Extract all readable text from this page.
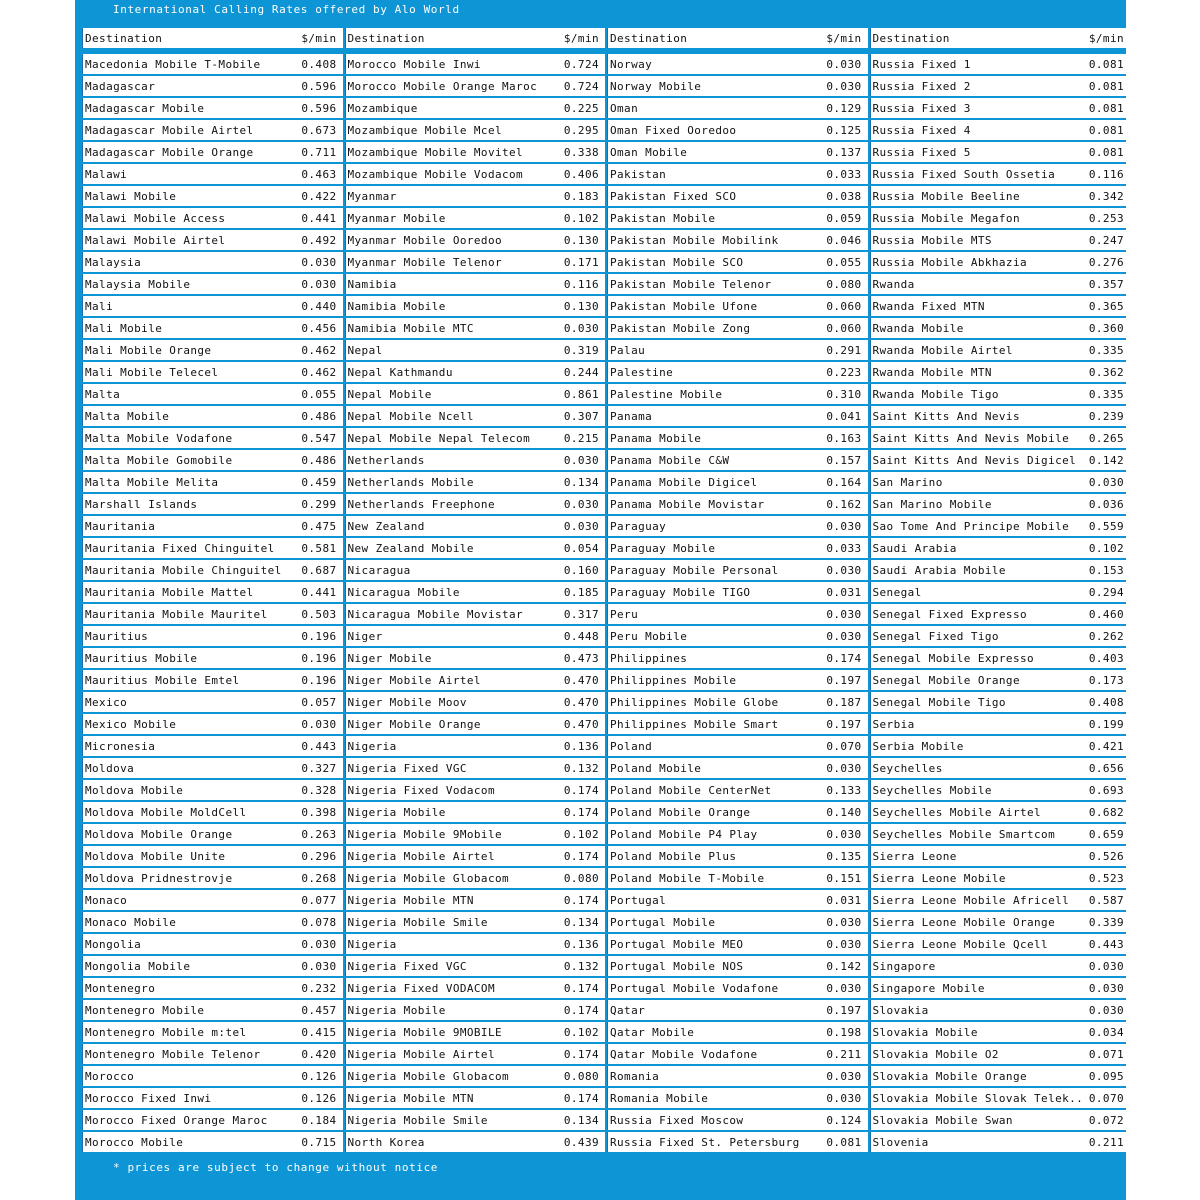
International Calling Rates offered by Alo World
Destination	$/min
Macedonia Mobile T-Mobile	0.408
Madagascar	0.596
Madagascar Mobile	0.596
Madagascar Mobile Airtel	0.673
Madagascar Mobile Orange	0.711
Malawi	0.463
Malawi Mobile	0.422
Malawi Mobile Access	0.441
Malawi Mobile Airtel	0.492
Malaysia	0.030
Malaysia Mobile	0.030
Mali	0.440
Mali Mobile	0.456
Mali Mobile Orange	0.462
Mali Mobile Telecel	0.462
Malta	0.055
Malta Mobile	0.486
Malta Mobile Vodafone	0.547
Malta Mobile Gomobile	0.486
Malta Mobile Melita	0.459
Marshall Islands	0.299
Mauritania	0.475
Mauritania Fixed Chinguitel	0.581
Mauritania Mobile Chinguitel	0.687
Mauritania Mobile Mattel	0.441
Mauritania Mobile Mauritel	0.503
Mauritius	0.196
Mauritius Mobile	0.196
Mauritius Mobile Emtel	0.196
Mexico	0.057
Mexico Mobile	0.030
Micronesia	0.443
Moldova	0.327
Moldova Mobile	0.328
Moldova Mobile MoldCell	0.398
Moldova Mobile Orange	0.263
Moldova Mobile Unite	0.296
Moldova Pridnestrovje	0.268
Monaco	0.077
Monaco Mobile	0.078
Mongolia	0.030
Mongolia Mobile	0.030
Montenegro	0.232
Montenegro Mobile	0.457
Montenegro Mobile m:tel	0.415
Montenegro Mobile Telenor	0.420
Morocco	0.126
Morocco Fixed Inwi	0.126
Morocco Fixed Orange Maroc	0.184
Morocco Mobile	0.715
Destination	$/min
Morocco Mobile Inwi	0.724
Morocco Mobile Orange Maroc	0.724
Mozambique	0.225
Mozambique Mobile Mcel	0.295
Mozambique Mobile Movitel	0.338
Mozambique Mobile Vodacom	0.406
Myanmar	0.183
Myanmar Mobile	0.102
Myanmar Mobile Ooredoo	0.130
Myanmar Mobile Telenor	0.171
Namibia	0.116
Namibia Mobile	0.130
Namibia Mobile MTC	0.030
Nepal	0.319
Nepal Kathmandu	0.244
Nepal Mobile	0.861
Nepal Mobile Ncell	0.307
Nepal Mobile Nepal Telecom	0.215
Netherlands	0.030
Netherlands Mobile	0.134
Netherlands Freephone	0.030
New Zealand	0.030
New Zealand Mobile	0.054
Nicaragua	0.160
Nicaragua Mobile	0.185
Nicaragua Mobile Movistar	0.317
Niger	0.448
Niger Mobile	0.473
Niger Mobile Airtel	0.470
Niger Mobile Moov	0.470
Niger Mobile Orange	0.470
Nigeria	0.136
Nigeria Fixed VGC	0.132
Nigeria Fixed Vodacom	0.174
Nigeria Mobile	0.174
Nigeria Mobile 9Mobile	0.102
Nigeria Mobile Airtel	0.174
Nigeria Mobile Globacom	0.080
Nigeria Mobile MTN	0.174
Nigeria Mobile Smile	0.134
Nigeria	0.136
Nigeria Fixed VGC	0.132
Nigeria Fixed VODACOM	0.174
Nigeria Mobile	0.174
Nigeria Mobile 9MOBILE	0.102
Nigeria Mobile Airtel	0.174
Nigeria Mobile Globacom	0.080
Nigeria Mobile MTN	0.174
Nigeria Mobile Smile	0.134
North Korea	0.439
Destination	$/min
Norway	0.030
Norway Mobile	0.030
Oman	0.129
Oman Fixed Ooredoo	0.125
Oman Mobile	0.137
Pakistan	0.033
Pakistan Fixed SCO	0.038
Pakistan Mobile	0.059
Pakistan Mobile Mobilink	0.046
Pakistan Mobile SCO	0.055
Pakistan Mobile Telenor	0.080
Pakistan Mobile Ufone	0.060
Pakistan Mobile Zong	0.060
Palau	0.291
Palestine	0.223
Palestine Mobile	0.310
Panama	0.041
Panama Mobile	0.163
Panama Mobile C&W	0.157
Panama Mobile Digicel	0.164
Panama Mobile Movistar	0.162
Paraguay	0.030
Paraguay Mobile	0.033
Paraguay Mobile Personal	0.030
Paraguay Mobile TIGO	0.031
Peru	0.030
Peru Mobile	0.030
Philippines	0.174
Philippines Mobile	0.197
Philippines Mobile Globe	0.187
Philippines Mobile Smart	0.197
Poland	0.070
Poland Mobile	0.030
Poland Mobile CenterNet	0.133
Poland Mobile Orange	0.140
Poland Mobile P4 Play	0.030
Poland Mobile Plus	0.135
Poland Mobile T-Mobile	0.151
Portugal	0.031
Portugal Mobile	0.030
Portugal Mobile MEO	0.030
Portugal Mobile NOS	0.142
Portugal Mobile Vodafone	0.030
Qatar	0.197
Qatar Mobile	0.198
Qatar Mobile Vodafone	0.211
Romania	0.030
Romania Mobile	0.030
Russia Fixed Moscow	0.124
Russia Fixed St. Petersburg	0.081
Destination	$/min
Russia Fixed 1	0.081
Russia Fixed 2	0.081
Russia Fixed 3	0.081
Russia Fixed 4	0.081
Russia Fixed 5	0.081
Russia Fixed South Ossetia	0.116
Russia Mobile Beeline	0.342
Russia Mobile Megafon	0.253
Russia Mobile MTS	0.247
Russia Mobile Abkhazia	0.276
Rwanda	0.357
Rwanda Fixed MTN	0.365
Rwanda Mobile	0.360
Rwanda Mobile Airtel	0.335
Rwanda Mobile MTN	0.362
Rwanda Mobile Tigo	0.335
Saint Kitts And Nevis	0.239
Saint Kitts And Nevis Mobile	0.265
Saint Kitts And Nevis Digicel	0.142
San Marino	0.030
San Marino Mobile	0.036
Sao Tome And Principe Mobile	0.559
Saudi Arabia	0.102
Saudi Arabia Mobile	0.153
Senegal	0.294
Senegal Fixed Expresso	0.460
Senegal Fixed Tigo	0.262
Senegal Mobile Expresso	0.403
Senegal Mobile Orange	0.173
Senegal Mobile Tigo	0.408
Serbia	0.199
Serbia Mobile	0.421
Seychelles	0.656
Seychelles Mobile	0.693
Seychelles Mobile Airtel	0.682
Seychelles Mobile Smartcom	0.659
Sierra Leone	0.526
Sierra Leone Mobile	0.523
Sierra Leone Mobile Africell	0.587
Sierra Leone Mobile Orange	0.339
Sierra Leone Mobile Qcell	0.443
Singapore	0.030
Singapore Mobile	0.030
Slovakia	0.030
Slovakia Mobile	0.034
Slovakia Mobile O2	0.071
Slovakia Mobile Orange	0.095
Slovakia Mobile Slovak Telek.. 0.070
Slovakia Mobile Swan	0.072
Slovenia	0.211
* prices are subject to change without notice
